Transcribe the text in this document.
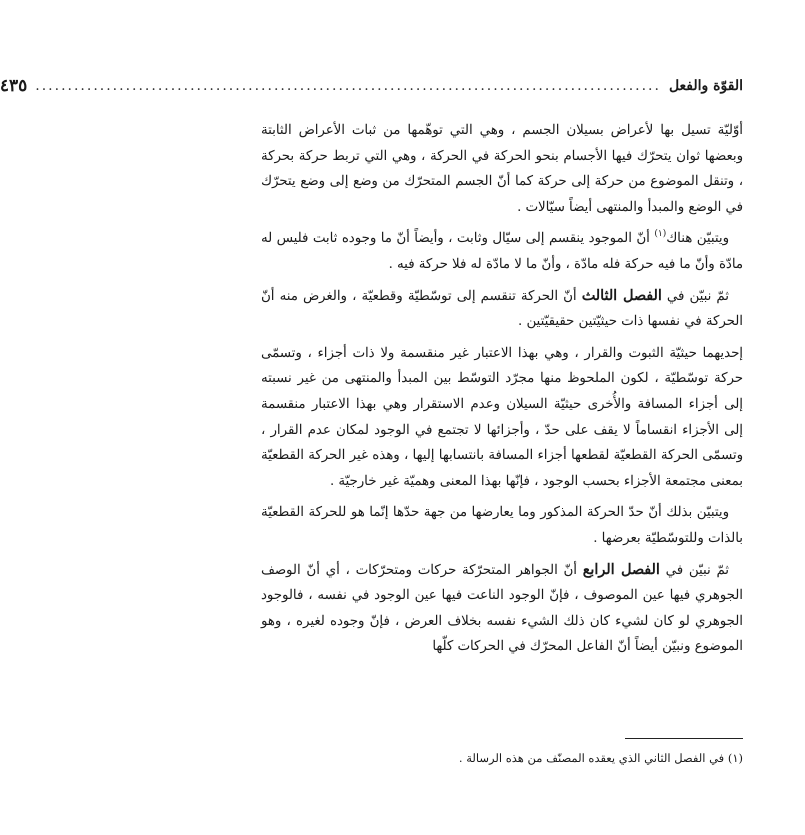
القوّة والفعل
.................................................................................................
٤٣٥

أوّليّة تسيل بها لأعراض بسيلان الجسم ، وهي التي توهّمها من ثبات الأعراض الثابتة وبعضها ثوان يتحرّك فيها الأجسام بنحو الحركة في الحركة ، وهي التي تربط حركة بحركة ، وتنقل الموضوع من حركة إلى حركة كما أنّ الجسم المتحرّك من وضع إلى وضع يتحرّك في الوضع والمبدأ والمنتهى أيضاً سيّالات .

ويتبيّن هناك$^{(١)}$ أنّ الموجود ينقسم إلى سيّال وثابت ، وأيضاً أنّ ما وجوده ثابت فليس له مادّة وأنّ ما فيه حركة فله مادّة ، وأنّ ما لا مادّة له فلا حركة فيه .

ثمّ نبيّن في الفصل الثالث أنّ الحركة تنقسم إلى توسّطيّة وقطعيّة ، والغرض منه أنّ الحركة في نفسها ذات حيثيّتين حقيقيّتين .

إحديهما حيثيّة الثبوت والقرار ، وهي بهذا الاعتبار غير منقسمة ولا ذات أجزاء ، وتسمّى حركة توسّطيّة ، لكون الملحوظ منها مجرّد التوسّط بين المبدأ والمنتهى من غير نسبته إلى أجزاء المسافة والأُخرى حيثيّة السيلان وعدم الاستقرار وهي بهذا الاعتبار منقسمة إلى الأجزاء انقساماً لا يقف على حدّ ، وأجزائها لا تجتمع في الوجود لمكان عدم القرار ، وتسمّى الحركة القطعيّة لقطعها أجزاء المسافة بانتسابها إليها ، وهذه غير الحركة القطعيّة بمعنى مجتمعة الأجزاء بحسب الوجود ، فإنّها بهذا المعنى وهميّة غير خارجيّة .

ويتبيّن بذلك أنّ حدّ الحركة المذكور وما يعارضها من جهة حدّها إنّما هو للحركة القطعيّة بالذات وللتوسّطيّة بعرضها .

ثمّ نبيّن في الفصل الرابع أنّ الجواهر المتحرّكة حركات ومتحرّكات ، أي أنّ الوصف الجوهري فيها عين الموصوف ، فإنّ الوجود الناعت فيها عين الوجود في نفسه ، فالوجود الجوهري لو كان لشيء كان ذلك الشيء نفسه بخلاف العرض ، فإنّ وجوده لغيره ، وهو الموضوع ونبيّن أيضاً أنّ الفاعل المحرّك في الحركات كلّها

(١) في الفصل الثاني الذي يعقده المصنّف من هذه الرسالة .
